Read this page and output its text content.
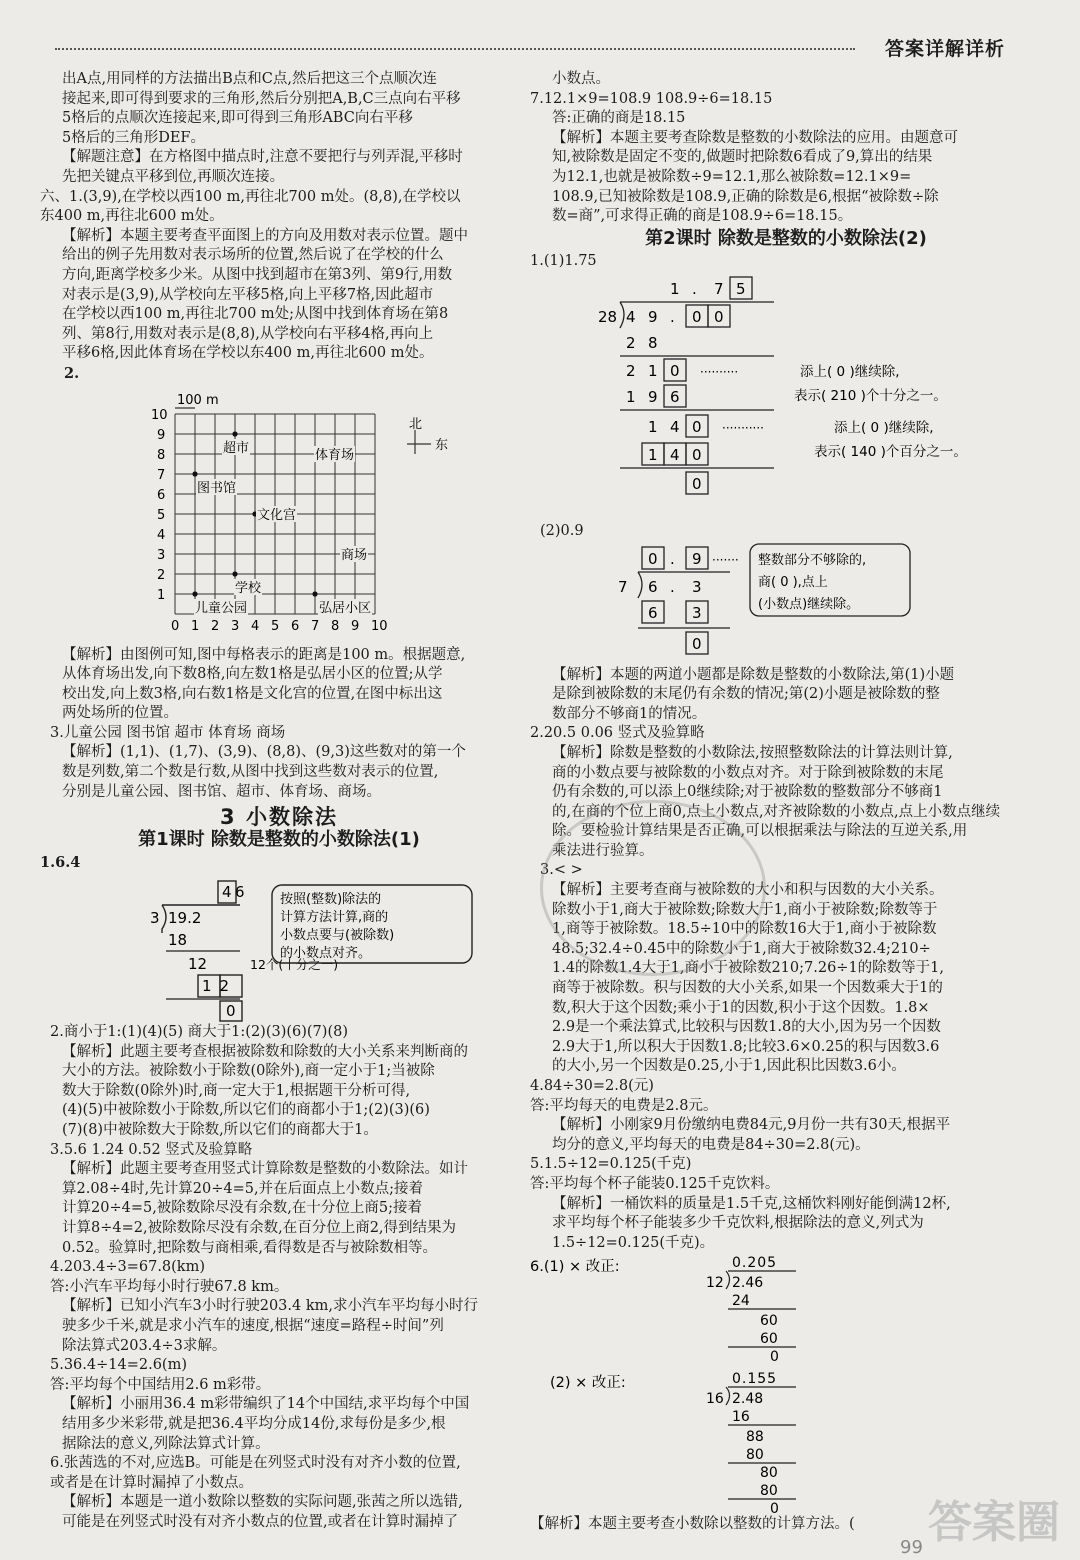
答案详解详析
出A点,用同样的方法描出B点和C点,然后把这三个点顺次连
接起来,即可得到要求的三角形,然后分别把A,B,C三点向右平移
5格后的点顺次连接起来,即可得到三角形ABC向右平移
5格后的三角形DEF。
【解题注意】在方格图中描点时,注意不要把行与列弄混,平移时
先把关键点平移到位,再顺次连接。
六、1.(3,9),在学校以西100 m,再往北700 m处。(8,8),在学校以
东400 m,再往北600 m处。
【解析】本题主要考查平面图上的方向及用数对表示位置。题中
给出的例子先用数对表示场所的位置,然后说了在学校的什么
方向,距离学校多少米。从图中找到超市在第3列、第9行,用数
对表示是(3,9),从学校向左平移5格,向上平移7格,因此超市
在学校以西100 m,再往北700 m处;从图中找到体育场在第8
列、第8行,用数对表示是(8,8),从学校向右平移4格,再向上
平移6格,因此体育场在学校以东400 m,再往北600 m处。
2.
0 1 2 3 4 5 6 7 8 9 10
1
2
3
4
5
6
7
8
9
10
100 m
北
东
超市	体育场
图书馆
文化宫
商场
学校
儿童公园	弘居小区
【解析】由图例可知,图中每格表示的距离是100 m。根据题意,
从体育场出发,向下数8格,向左数1格是弘居小区的位置;从学
校出发,向上数3格,向右数1格是文化宫的位置,在图中标出这
两处场所的位置。
3.儿童公园 图书馆 超市 体育场 商场
【解析】(1,1)、(1,7)、(3,9)、(8,8)、(9,3)这些数对的第一个
数是列数,第二个数是行数,从图中找到这些数对表示的位置,
分别是儿童公园、图书馆、超市、体育场、商场。
3 小数除法
第1课时 除数是整数的小数除法(1)
1.6.4
6
4
3 19.2
18
12	12个(十分之一)
12
0
按照(整数)除法的
计算方法计算,商的
小数点要与(被除数)
的小数点对齐。
2.商小于1:(1)(4)(5) 商大于1:(2)(3)(6)(7)(8)
【解析】此题主要考查根据被除数和除数的大小关系来判断商的
大小的方法。被除数小于除数(0除外),商一定小于1;当被除
数大于除数(0除外)时,商一定大于1,根据题干分析可得,
(4)(5)中被除数小于除数,所以它们的商都小于1;(2)(3)(6)
(7)(8)中被除数大于除数,所以它们的商都大于1。
3.5.6 1.24 0.52 竖式及验算略
【解析】此题主要考查用竖式计算除数是整数的小数除法。如计
算2.08÷4时,先计算20÷4=5,并在后面点上小数点;接着
计算20÷4=5,被除数除尽没有余数,在十分位上商5;接着
计算8÷4=2,被除数除尽没有余数,在百分位上商2,得到结果为
0.52。验算时,把除数与商相乘,看得数是否与被除数相等。
4.203.4÷3=67.8(km)
答:小汽车平均每小时行驶67.8 km。
【解析】已知小汽车3小时行驶203.4 km,求小汽车平均每小时行
驶多少千米,就是求小汽车的速度,根据“速度=路程÷时间”列
除法算式203.4÷3求解。
5.36.4÷14=2.6(m)
答:平均每个中国结用2.6 m彩带。
【解析】小丽用36.4 m彩带编织了14个中国结,求平均每个中国
结用多少米彩带,就是把36.4平均分成14份,求每份是多少,根
据除法的意义,列除法算式计算。
6.张茜选的不对,应选B。可能是在列竖式时没有对齐小数的位置,
或者是在计算时漏掉了小数点。
【解析】本题是一道小数除以整数的实际问题,张茜之所以选错,
可能是在列竖式时没有对齐小数点的位置,或者在计算时漏掉了
小数点。
7.12.1×9=108.9 108.9÷6=18.15
答:正确的商是18.15
【解析】本题主要考查除数是整数的小数除法的应用。由题意可
知,被除数是固定不变的,做题时把除数6看成了9,算出的结果
为12.1,也就是被除数÷9=12.1,那么被除数=12.1×9=
108.9,已知被除数是108.9,正确的除数是6,根据“被除数÷除
数=商”,可求得正确的商是108.9÷6=18.15。
第2课时 除数是整数的小数除法(2)
1.(1)1.75
1 . 7 5
28 4 9 . 0 0
2 8
2 1 0 ··········	添上( 0 )继续除,
表示( 210 )个十分之一。
1 9 6
1 4 0 ···········	添上( 0 )继续除,
表示( 140 )个百分之一。
1 4 0
0
(2)0.9
0 . 9 ·······
7 6 . 3
6 3
0
整数部分不够除的,
商( 0 ),点上
(小数点)继续除。
【解析】本题的两道小题都是除数是整数的小数除法,第(1)小题
是除到被除数的末尾仍有余数的情况;第(2)小题是被除数的整
数部分不够商1的情况。
2.20.5 0.06 竖式及验算略
【解析】除数是整数的小数除法,按照整数除法的计算法则计算,
商的小数点要与被除数的小数点对齐。对于除到被除数的末尾
仍有余数的,可以添上0继续除;对于被除数的整数部分不够商1
的,在商的个位上商0,点上小数点,对齐被除数的小数点,点上小数点继续
除。要检验计算结果是否正确,可以根据乘法与除法的互逆关系,用
乘法进行验算。
3.< >
【解析】主要考查商与被除数的大小和积与因数的大小关系。
除数小于1,商大于被除数;除数大于1,商小于被除数;除数等于
1,商等于被除数。18.5÷10中的除数16大于1,商小于被除数
48.5;32.4÷0.45中的除数小于1,商大于被除数32.4;210÷
1.4的除数1.4大于1,商小于被除数210;7.26÷1的除数等于1,
商等于被除数。积与因数的大小关系,如果一个因数乘大于1的
数,积大于这个因数;乘小于1的因数,积小于这个因数。1.8×
2.9是一个乘法算式,比较积与因数1.8的大小,因为另一个因数
2.9大于1,所以积大于因数1.8;比较3.6×0.25的积与因数3.6
的大小,另一个因数是0.25,小于1,因此积比因数3.6小。
4.84÷30=2.8(元)
答:平均每天的电费是2.8元。
【解析】小刚家9月份缴纳电费84元,9月份一共有30天,根据平
均分的意义,平均每天的电费是84÷30=2.8(元)。
5.1.5÷12=0.125(千克)
答:平均每个杯子能装0.125千克饮料。
【解析】一桶饮料的质量是1.5千克,这桶饮料刚好能倒满12杯,
求平均每个杯子能装多少千克饮料,根据除法的意义,列式为
1.5÷12=0.125(千克)。
6.(1) × 改正:	0.205
12 2.46
24
60
60
0
(2) × 改正:	0.155
16 2.48
16
88
80
80
80
0
【解析】本题主要考查小数除以整数的计算方法。(	答案圈
99
